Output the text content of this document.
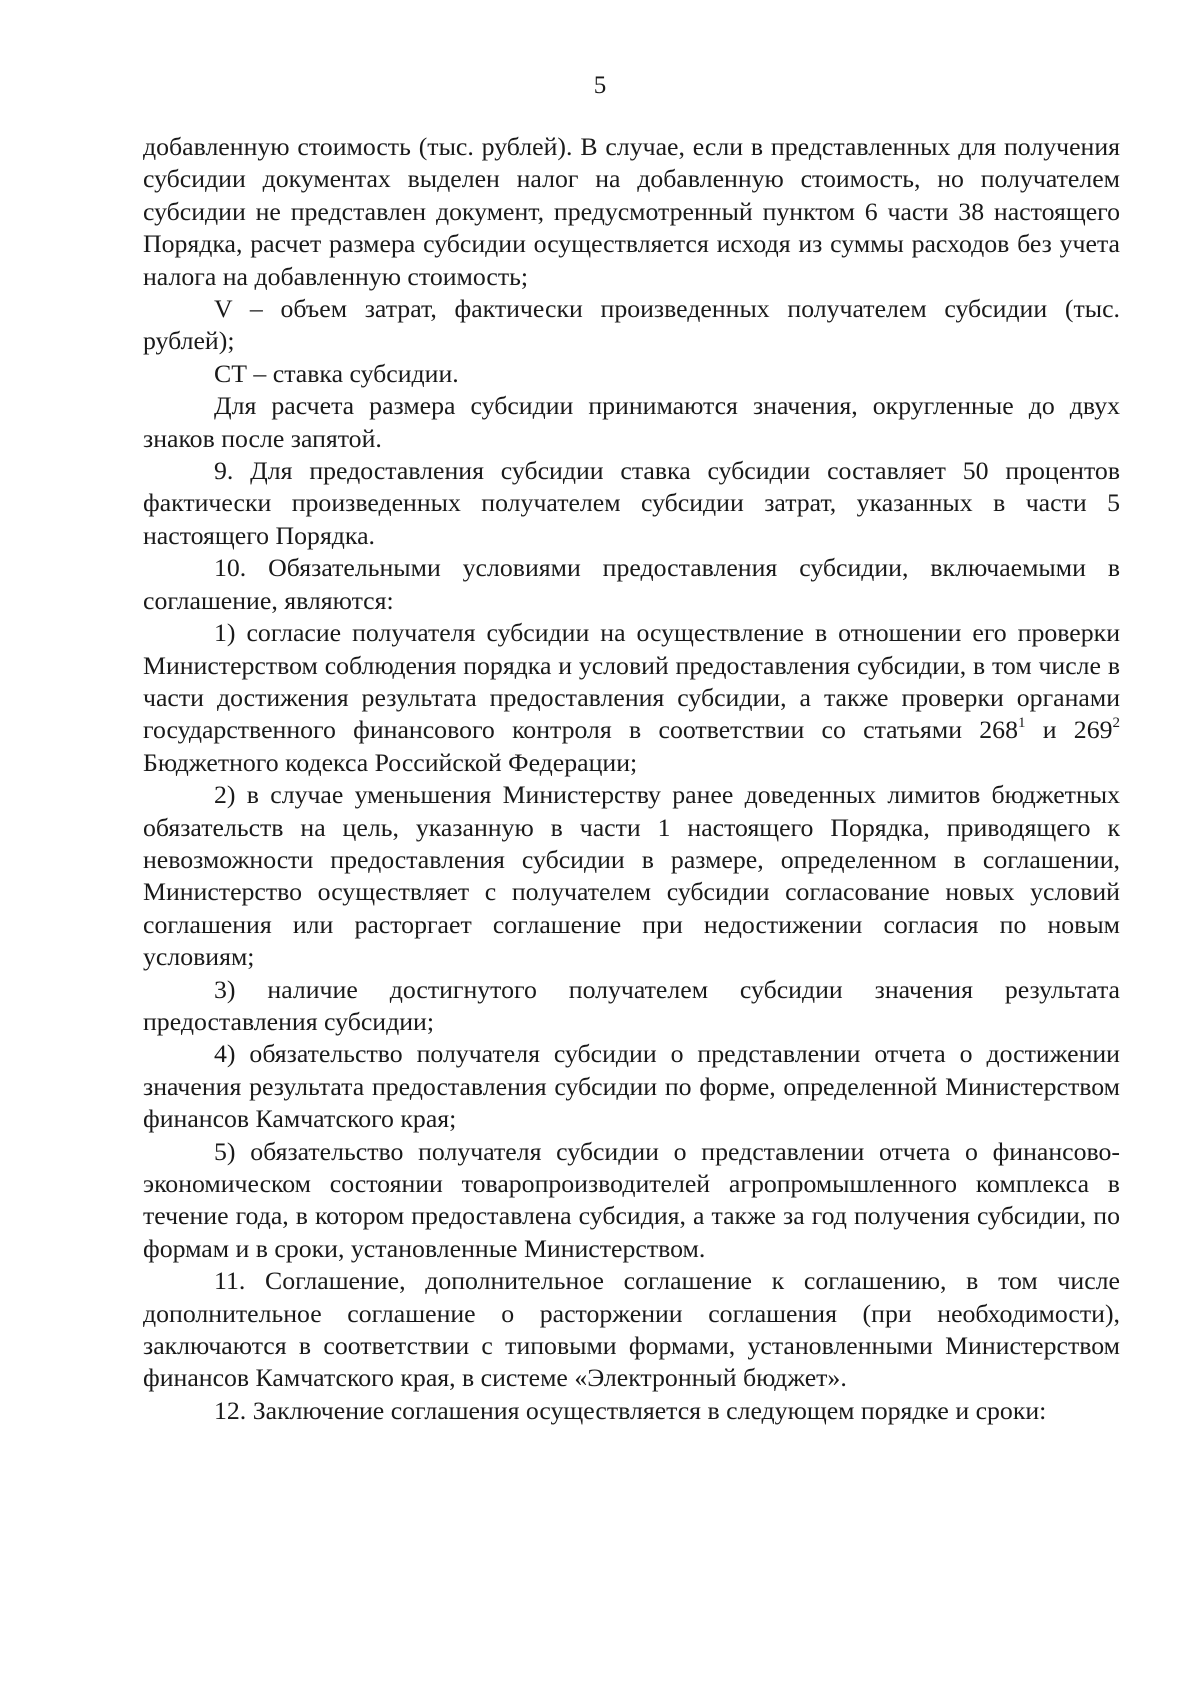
5

добавленную стоимость (тыс. рублей). В случае, если в представленных для получения субсидии документах выделен налог на добавленную стоимость, но получателем субсидии не представлен документ, предусмотренный пунктом 6 части 38 настоящего Порядка, расчет размера субсидии осуществляется исходя из суммы расходов без учета налога на добавленную стоимость;

V – объем затрат, фактически произведенных получателем субсидии (тыс. рублей);

СТ – ставка субсидии.

Для расчета размера субсидии принимаются значения, округленные до двух знаков после запятой.

9. Для предоставления субсидии ставка субсидии составляет 50 процентов фактически произведенных получателем субсидии затрат, указанных в части 5 настоящего Порядка.

10. Обязательными условиями предоставления субсидии, включаемыми в соглашение, являются:

1) согласие получателя субсидии на осуществление в отношении его проверки Министерством соблюдения порядка и условий предоставления субсидии, в том числе в части достижения результата предоставления субсидии, а также проверки органами государственного финансового контроля в соответствии со статьями $268^1$ и $269^2$ Бюджетного кодекса Российской Федерации;

2) в случае уменьшения Министерству ранее доведенных лимитов бюджетных обязательств на цель, указанную в части 1 настоящего Порядка, приводящего к невозможности предоставления субсидии в размере, определенном в соглашении, Министерство осуществляет с получателем субсидии согласование новых условий соглашения или расторгает соглашение при недостижении согласия по новым условиям;

3) наличие достигнутого получателем субсидии значения результата предоставления субсидии;

4) обязательство получателя субсидии о представлении отчета о достижении значения результата предоставления субсидии по форме, определенной Министерством финансов Камчатского края;

5) обязательство получателя субсидии о представлении отчета о финансово-экономическом состоянии товаропроизводителей агропромышленного комплекса в течение года, в котором предоставлена субсидия, а также за год получения субсидии, по формам и в сроки, установленные Министерством.

11. Соглашение, дополнительное соглашение к соглашению, в том числе дополнительное соглашение о расторжении соглашения (при необходимости), заключаются в соответствии с типовыми формами, установленными Министерством финансов Камчатского края, в системе «Электронный бюджет».

12. Заключение соглашения осуществляется в следующем порядке и сроки:
